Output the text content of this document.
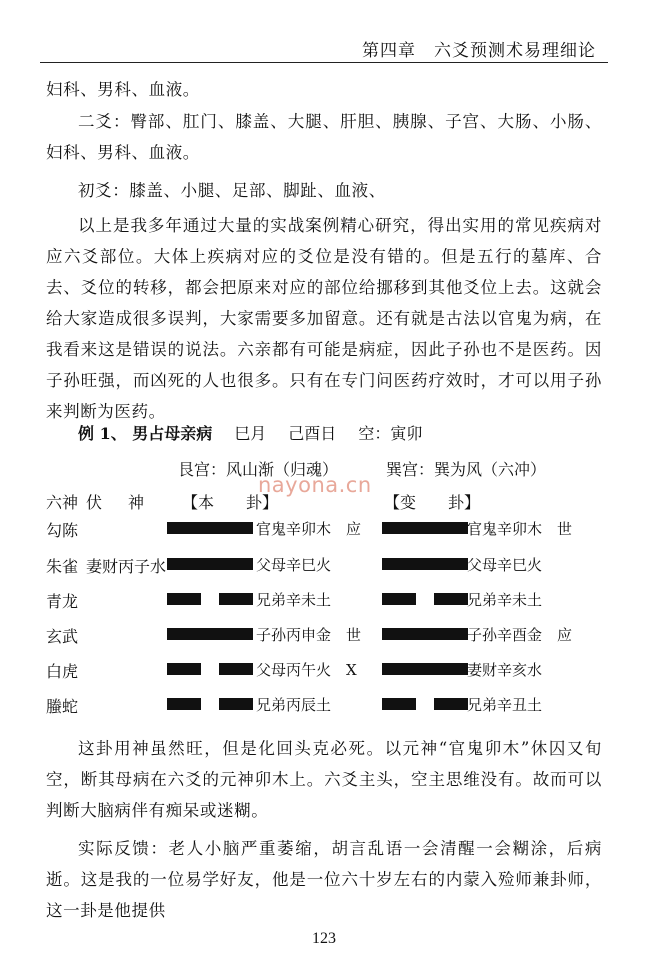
第四章　六爻预测术易理细论
妇科、男科、血液。
二爻：臀部、肛门、膝盖、大腿、肝胆、胰腺、子宫、大肠、小肠、妇科、男科、血液。
初爻：膝盖、小腿、足部、脚趾、血液、
以上是我多年通过大量的实战案例精心研究，得出实用的常见疾病对应六爻部位。大体上疾病对应的爻位是没有错的。但是五行的墓库、合去、爻位的转移，都会把原来对应的部位给挪移到其他爻位上去。这就会给大家造成很多误判，大家需要多加留意。还有就是古法以官鬼为病，在我看来这是错误的说法。六亲都有可能是病症，因此子孙也不是医药。因子孙旺强，而凶死的人也很多。只有在专门问医药疗效时，才可以用子孙来判断为医药。
例 1、 男占母亲病 巳月 己酉日 空：寅卯
艮宫：风山渐（归魂）	巽宫：巽为风（六冲）
nayona.cn
六神 伏 神 【本　　卦】	【变　　卦】
勾陈	官鬼辛卯木　应	官鬼辛卯木　世
朱雀 妻财丙子水	父母辛巳火	父母辛巳火
青龙	兄弟辛未土	兄弟辛未土
玄武	子孙丙申金　世	子孙辛酉金　应
白虎	父母丙午火　X	妻财辛亥水
螣蛇	兄弟丙辰土	兄弟辛丑土
这卦用神虽然旺，但是化回头克必死。以元神“官鬼卯木”休囚又旬空，断其母病在六爻的元神卯木上。六爻主头，空主思维没有。故而可以判断大脑病伴有痴呆或迷糊。
实际反馈：老人小脑严重萎缩，胡言乱语一会清醒一会糊涂，后病逝。这是我的一位易学好友，他是一位六十岁左右的内蒙入殓师兼卦师，这一卦是他提供
123
